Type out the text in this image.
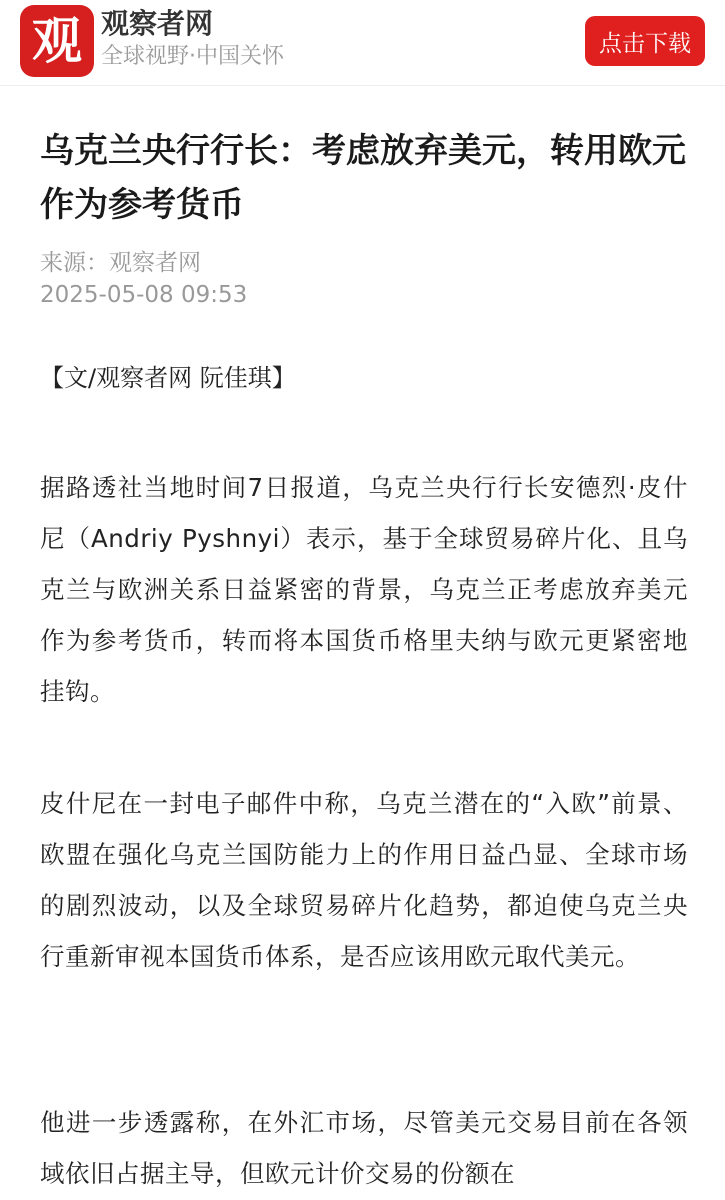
观 观察者网
全球视野·中国关怀	点击下载
乌克兰央行行长：考虑放弃美元，转用欧元作为参考货币
来源：观察者网
2025-05-08 09:53
【文/观察者网 阮佳琪】

据路透社当地时间7日报道，乌克兰央行行长安德烈·皮什尼（Andriy Pyshnyi）表示，基于全球贸易碎片化、且乌克兰与欧洲关系日益紧密的背景，乌克兰正考虑放弃美元作为参考货币，转而将本国货币格里夫纳与欧元更紧密地挂钩。

皮什尼在一封电子邮件中称，乌克兰潜在的“入欧”前景、欧盟在强化乌克兰国防能力上的作用日益凸显、全球市场的剧烈波动，以及全球贸易碎片化趋势，都迫使乌克兰央行重新审视本国货币体系，是否应该用欧元取代美元。

他进一步透露称，在外汇市场，尽管美元交易目前在各领域依旧占据主导，但欧元计价交易的份额在
